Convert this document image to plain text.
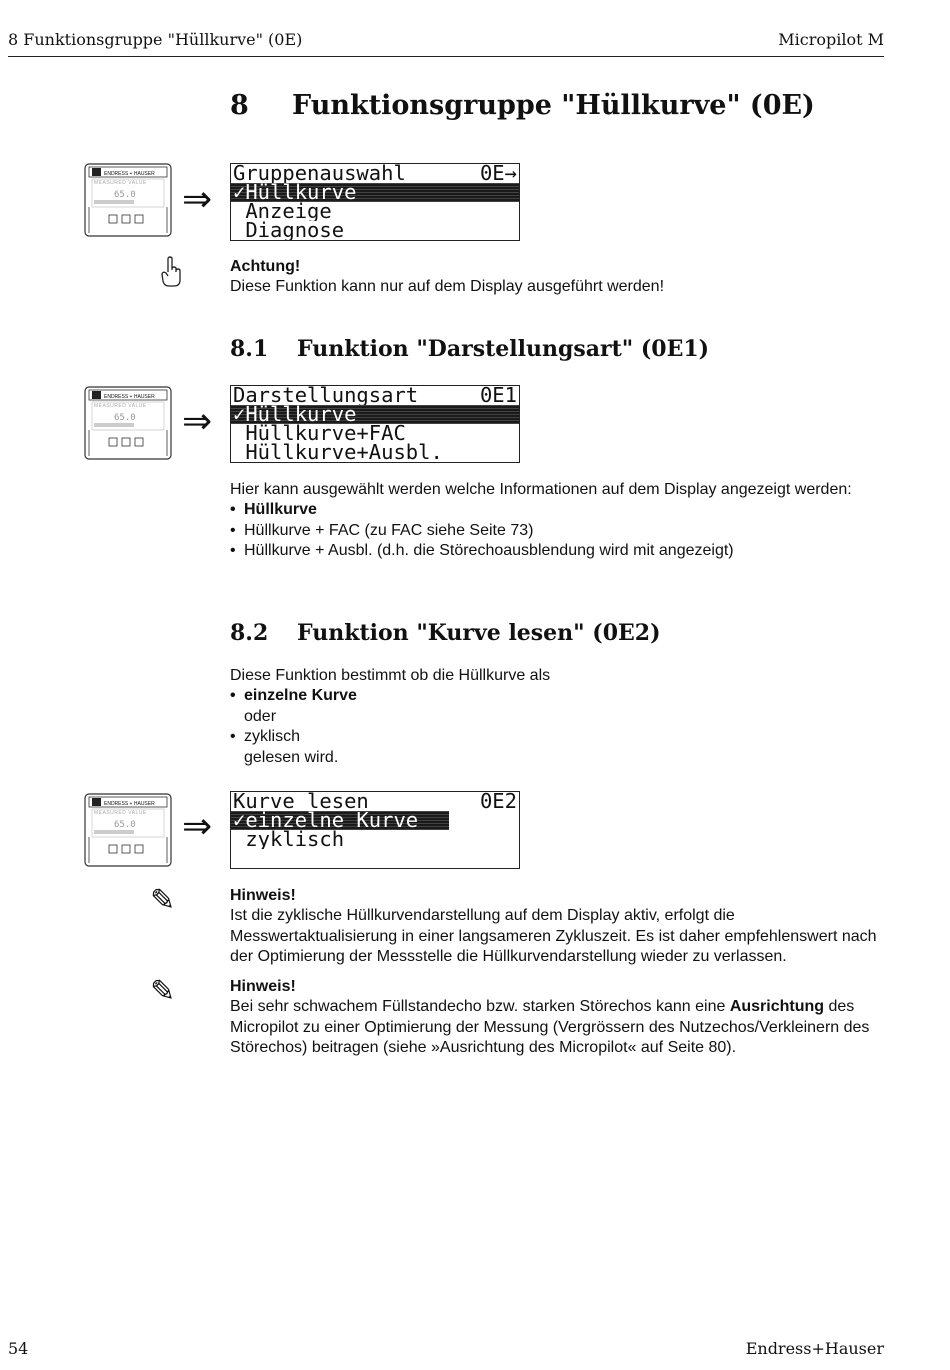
8 Funktionsgruppe "Hüllkurve" (0E)	Micropilot M
8 Funktionsgruppe "Hüllkurve" (0E)
ENDRESS + HAUSER
MEASURED VALUE
65.0 ⇒
Gruppenauswahl	0E→
✓Hüllkurve
Anzeige
Diagnose

Achtung!

Diese Funktion kann nur auf dem Display ausgeführt werden!

8.1 Funktion "Darstellungsart" (0E1)
ENDRESS + HAUSER
MEASURED VALUE
65.0 ⇒
Darstellungsart	0E1
✓Hüllkurve
Hüllkurve+FAC
Hüllkurve+Ausbl.

Hier kann ausgewählt werden welche Informationen auf dem Display angezeigt werden:

• Hüllkurve
• Hüllkurve + FAC (zu FAC siehe Seite 73)
• Hüllkurve + Ausbl. (d.h. die Störechoausblendung wird mit angezeigt)
8.2 Funktion "Kurve lesen" (0E2)

Diese Funktion bestimmt ob die Hüllkurve als

• einzelne Kurve

oder

• zyklisch

gelesen wird.

ENDRESS + HAUSER
MEASURED VALUE
65.0 ⇒
Kurve lesen	0E2
✓einzelne Kurve
zyklisch
✎	Hinweis!

Ist die zyklische Hüllkurvendarstellung auf dem Display aktiv, erfolgt die Messwertaktualisierung in einer langsameren Zykluszeit. Es ist daher empfehlenswert nach der Optimierung der Messstelle die Hüllkurvendarstellung wieder zu verlassen.

✎	Hinweis!

Bei sehr schwachem Füllstandecho bzw. starken Störechos kann eine Ausrichtung des Micropilot zu einer Optimierung der Messung (Vergrössern des Nutzechos/Verkleinern des Störechos) beitragen (siehe »Ausrichtung des Micropilot« auf Seite 80).

54	Endress+Hauser
